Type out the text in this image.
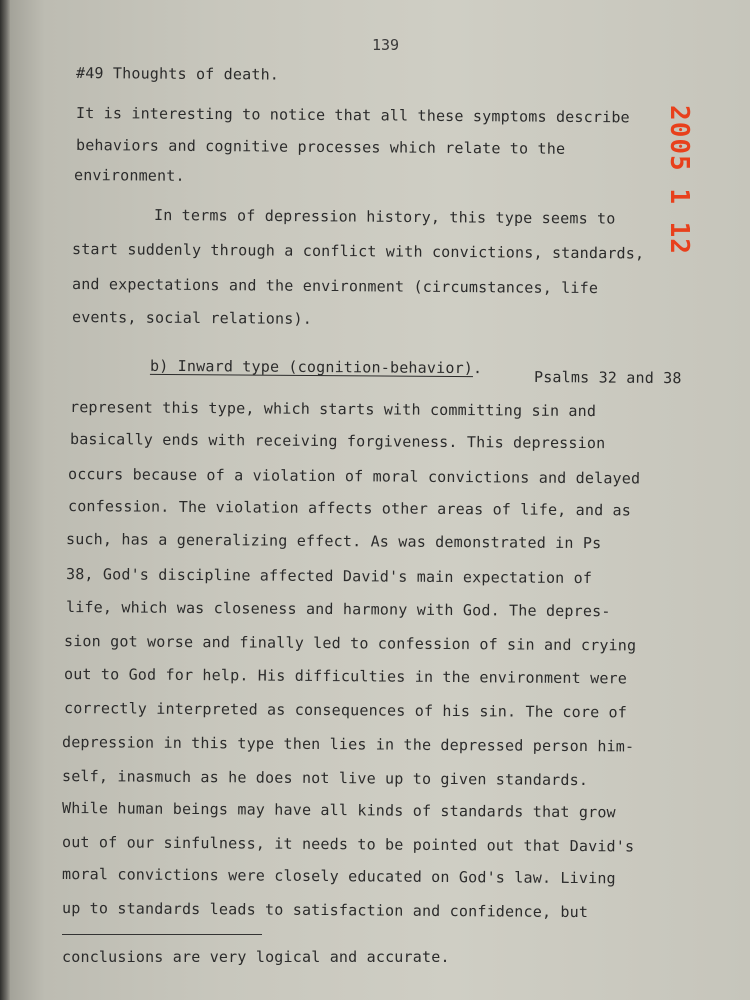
139
#49 Thoughts of death.
It is interesting to notice that all these symptoms describe
behaviors and cognitive processes which relate to the
environment.
In terms of depression history, this type seems to
start suddenly through a conflict with convictions, standards,
and expectations and the environment (circumstances, life
events, social relations).
Psalms 32 and 38
represent this type, which starts with committing sin and
basically ends with receiving forgiveness. This depression
occurs because of a violation of moral convictions and delayed
confession. The violation affects other areas of life, and as
such, has a generalizing effect. As was demonstrated in Ps
38, God's discipline affected David's main expectation of
life, which was closeness and harmony with God. The depres-
sion got worse and finally led to confession of sin and crying
out to God for help. His difficulties in the environment were
correctly interpreted as consequences of his sin. The core of
depression in this type then lies in the depressed person him-
self, inasmuch as he does not live up to given standards.
While human beings may have all kinds of standards that grow
out of our sinfulness, it needs to be pointed out that David's
moral convictions were closely educated on God's law. Living
up to standards leads to satisfaction and confidence, but
b) Inward type (cognition-behavior).
conclusions are very logical and accurate.
2005 1 12
